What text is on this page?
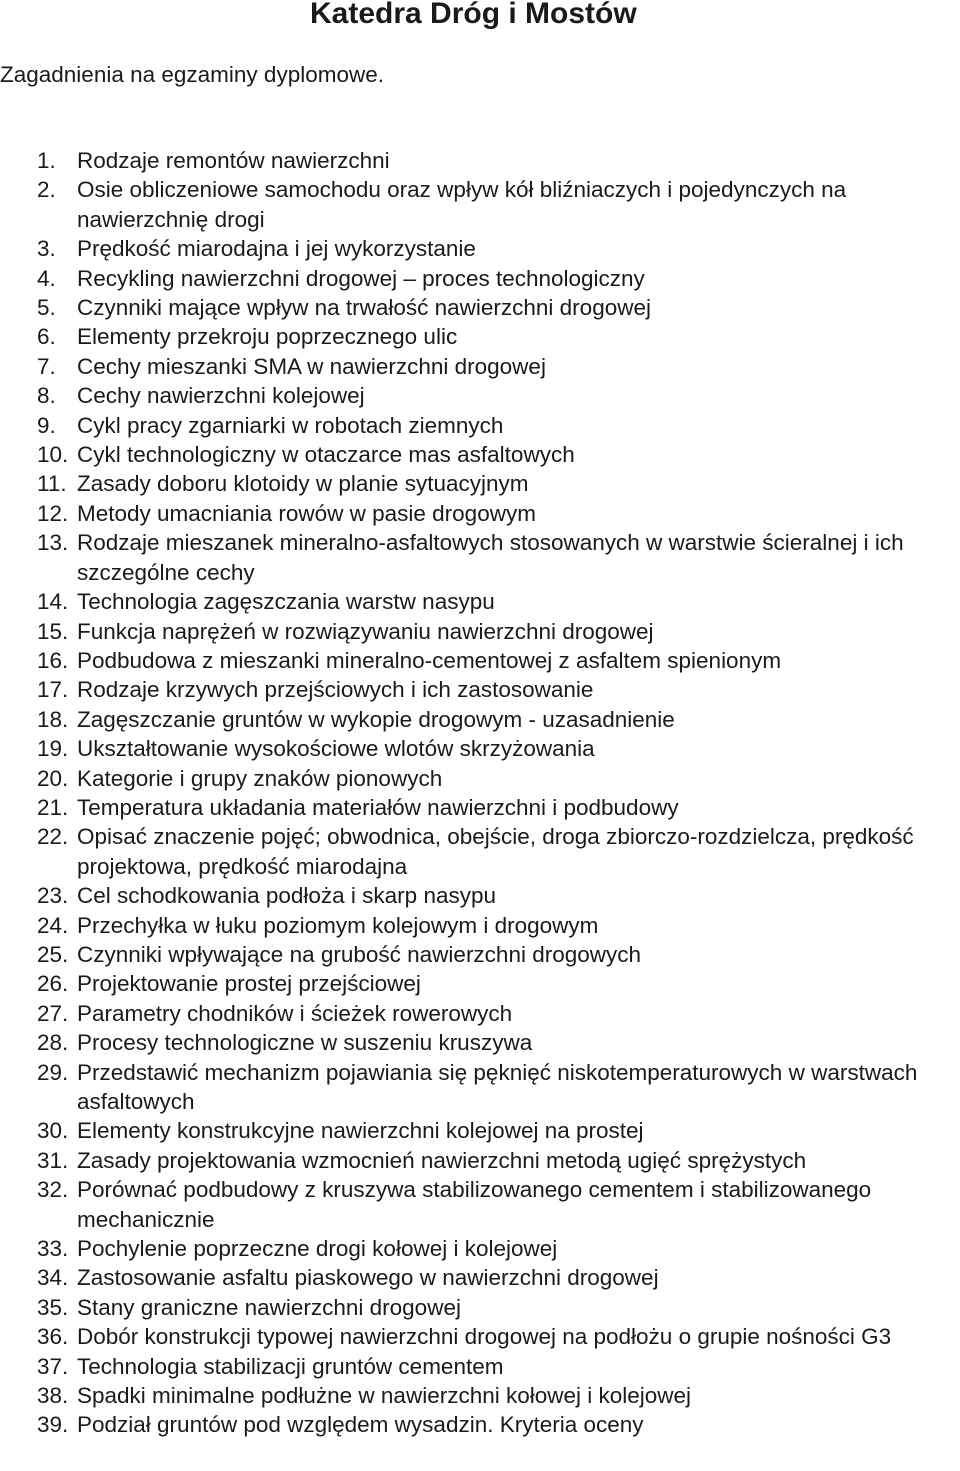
Katedra Dróg i Mostów
Zagadnienia na egzaminy dyplomowe.
1. Rodzaje remontów nawierzchni
2. Osie obliczeniowe samochodu oraz wpływ kół bliźniaczych i pojedynczych na nawierzchnię drogi
3. Prędkość miarodajna i jej wykorzystanie
4. Recykling nawierzchni drogowej – proces technologiczny
5. Czynniki mające wpływ na trwałość nawierzchni drogowej
6. Elementy przekroju poprzecznego ulic
7. Cechy mieszanki SMA w nawierzchni drogowej
8. Cechy nawierzchni kolejowej
9. Cykl pracy zgarniarki w robotach ziemnych
10. Cykl technologiczny w otaczarce mas asfaltowych
11. Zasady doboru klotoidy w planie sytuacyjnym
12. Metody umacniania rowów w pasie drogowym
13. Rodzaje mieszanek mineralno-asfaltowych stosowanych w warstwie ścieralnej i ich szczególne cechy
14. Technologia zagęszczania warstw nasypu
15. Funkcja naprężeń w rozwiązywaniu nawierzchni drogowej
16. Podbudowa z mieszanki mineralno-cementowej z asfaltem spienionym
17. Rodzaje krzywych przejściowych i ich zastosowanie
18. Zagęszczanie gruntów w wykopie drogowym - uzasadnienie
19. Ukształtowanie wysokościowe wlotów skrzyżowania
20. Kategorie i grupy znaków pionowych
21. Temperatura układania materiałów nawierzchni i podbudowy
22. Opisać znaczenie pojęć; obwodnica, obejście, droga zbiorczo-rozdzielcza, prędkość projektowa, prędkość miarodajna
23. Cel schodkowania podłoża i skarp nasypu
24. Przechyłka w łuku poziomym kolejowym i drogowym
25. Czynniki wpływające na grubość nawierzchni drogowych
26. Projektowanie prostej przejściowej
27. Parametry chodników i ścieżek rowerowych
28. Procesy technologiczne w suszeniu kruszywa
29. Przedstawić mechanizm pojawiania się pęknięć niskotemperaturowych w warstwach asfaltowych
30. Elementy konstrukcyjne nawierzchni kolejowej na prostej
31. Zasady projektowania wzmocnień nawierzchni metodą ugięć sprężystych
32. Porównać podbudowy z kruszywa stabilizowanego cementem i stabilizowanego mechanicznie
33. Pochylenie poprzeczne drogi kołowej i kolejowej
34. Zastosowanie asfaltu piaskowego w nawierzchni drogowej
35. Stany graniczne nawierzchni drogowej
36. Dobór konstrukcji typowej nawierzchni drogowej na podłożu o grupie nośności G3
37. Technologia stabilizacji gruntów cementem
38. Spadki minimalne podłużne w nawierzchni kołowej i kolejowej
39. Podział gruntów pod względem wysadzin. Kryteria oceny
